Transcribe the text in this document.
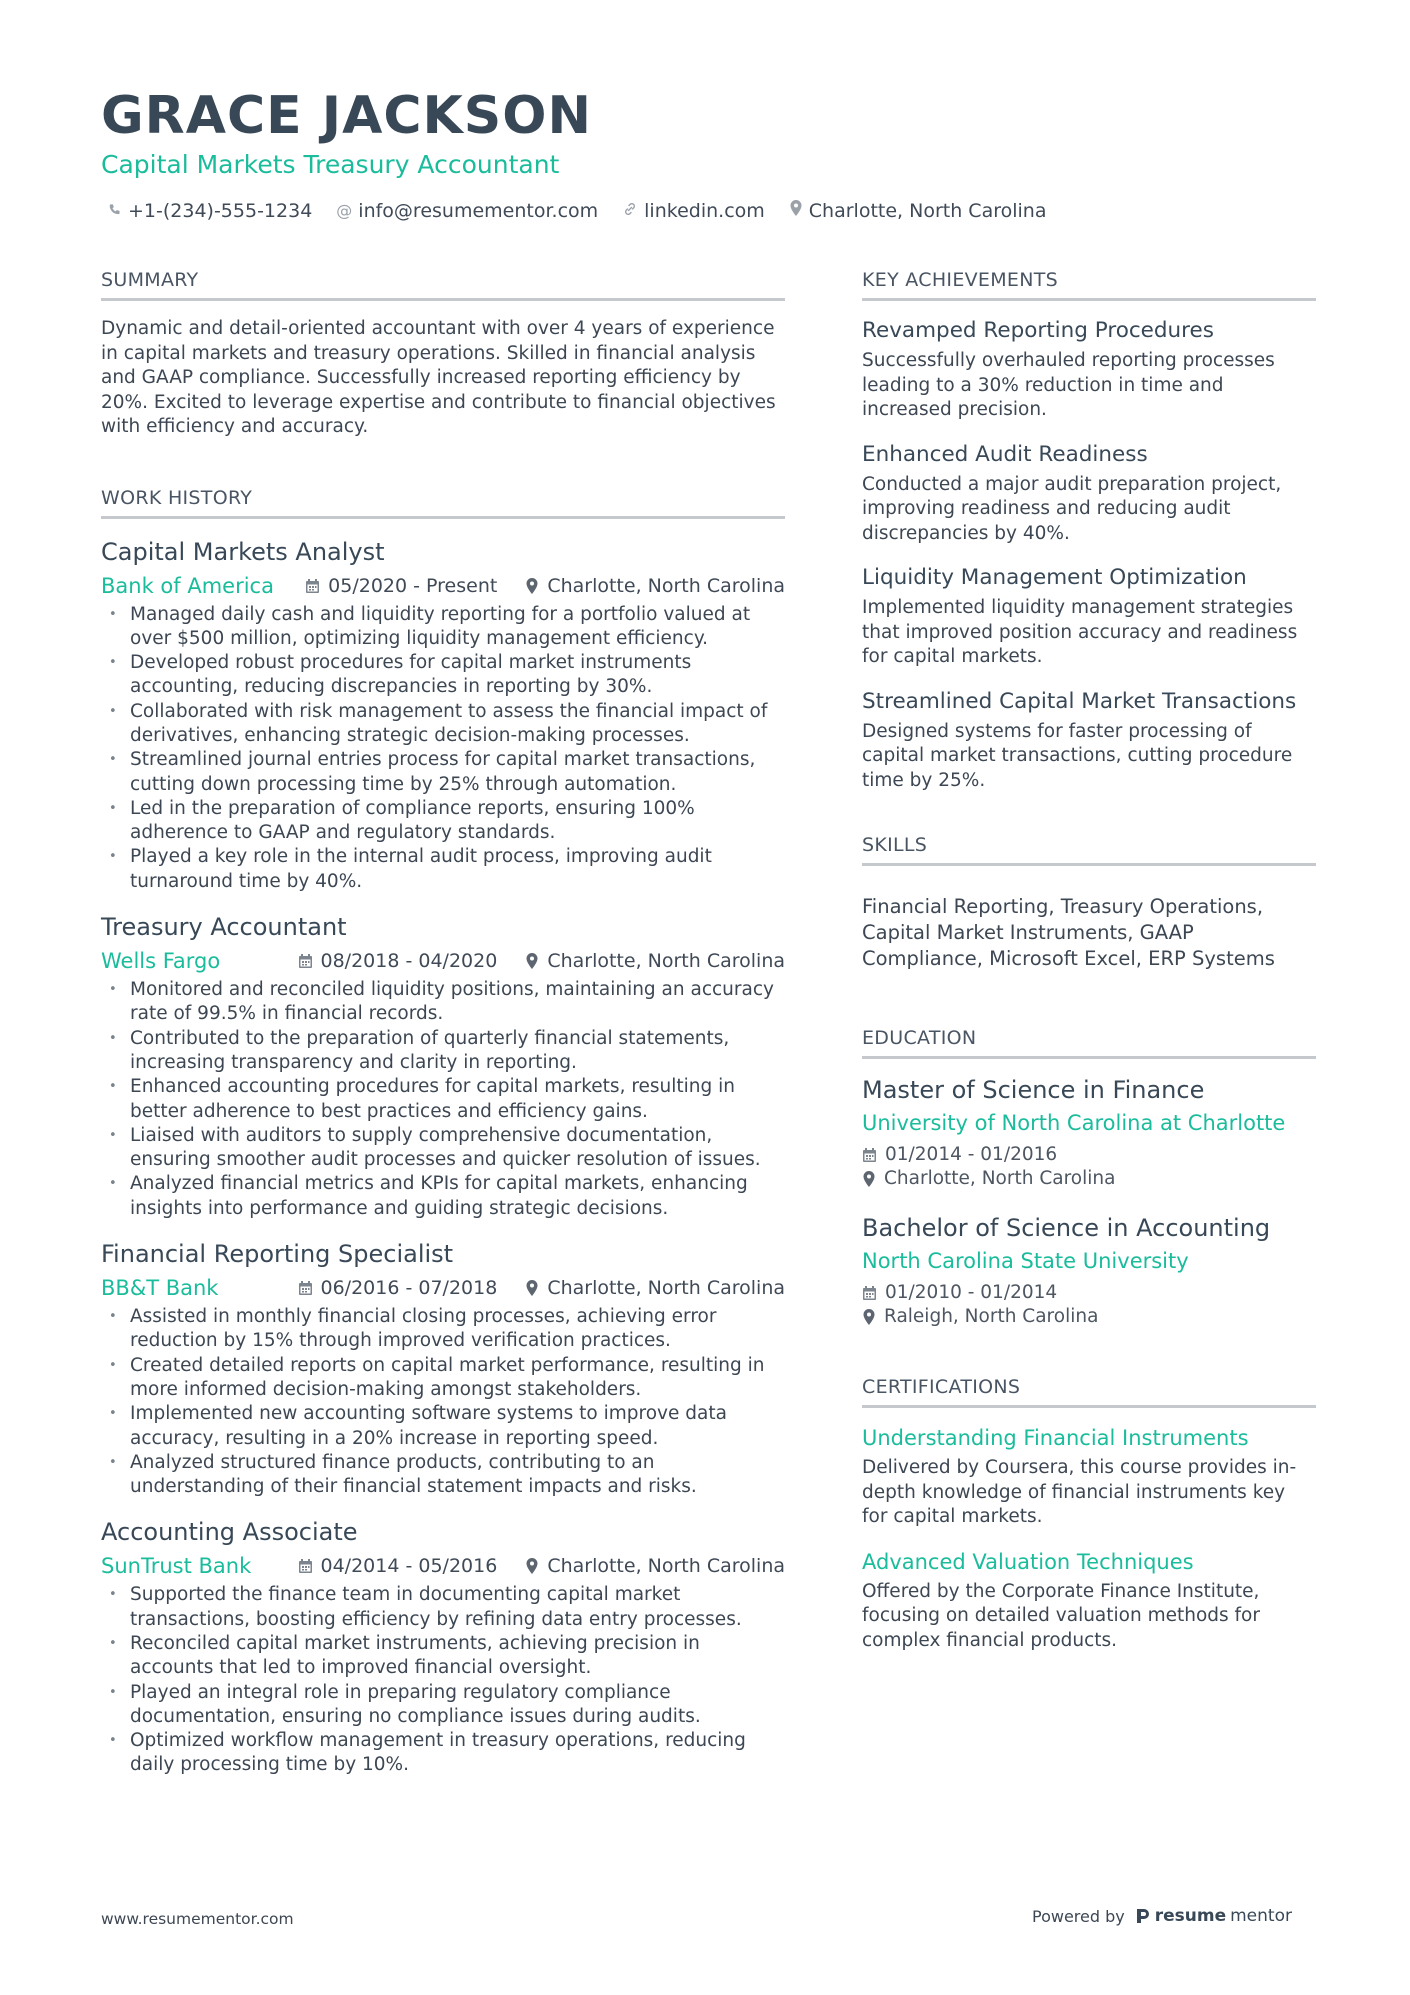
GRACE JACKSON
Capital Markets Treasury Accountant
+1-(234)-555-1234 @ info@resumementor.com linkedin.com Charlotte, North Carolina
SUMMARY
Dynamic and detail-oriented accountant with over 4 years of experience in capital markets and treasury operations. Skilled in financial analysis and GAAP compliance. Successfully increased reporting efficiency by 20%. Excited to leverage expertise and contribute to financial objectives with efficiency and accuracy.
WORK HISTORY
Capital Markets Analyst
Bank of America	05/2020 - Present	Charlotte, North Carolina
• Managed daily cash and liquidity reporting for a portfolio valued at over $500 million, optimizing liquidity management efficiency.
• Developed robust procedures for capital market instruments accounting, reducing discrepancies in reporting by 30%.
• Collaborated with risk management to assess the financial impact of derivatives, enhancing strategic decision-making processes.
• Streamlined journal entries process for capital market transactions, cutting down processing time by 25% through automation.
• Led in the preparation of compliance reports, ensuring 100% adherence to GAAP and regulatory standards.
• Played a key role in the internal audit process, improving audit turnaround time by 40%.
Treasury Accountant
Wells Fargo	08/2018 - 04/2020	Charlotte, North Carolina
• Monitored and reconciled liquidity positions, maintaining an accuracy rate of 99.5% in financial records.
• Contributed to the preparation of quarterly financial statements, increasing transparency and clarity in reporting.
• Enhanced accounting procedures for capital markets, resulting in better adherence to best practices and efficiency gains.
• Liaised with auditors to supply comprehensive documentation, ensuring smoother audit processes and quicker resolution of issues.
• Analyzed financial metrics and KPIs for capital markets, enhancing insights into performance and guiding strategic decisions.
Financial Reporting Specialist
BB&T Bank	06/2016 - 07/2018	Charlotte, North Carolina
• Assisted in monthly financial closing processes, achieving error reduction by 15% through improved verification practices.
• Created detailed reports on capital market performance, resulting in more informed decision-making amongst stakeholders.
• Implemented new accounting software systems to improve data accuracy, resulting in a 20% increase in reporting speed.
• Analyzed structured finance products, contributing to an understanding of their financial statement impacts and risks.
Accounting Associate
SunTrust Bank	04/2014 - 05/2016	Charlotte, North Carolina
• Supported the finance team in documenting capital market transactions, boosting efficiency by refining data entry processes.
• Reconciled capital market instruments, achieving precision in accounts that led to improved financial oversight.
• Played an integral role in preparing regulatory compliance documentation, ensuring no compliance issues during audits.
• Optimized workflow management in treasury operations, reducing daily processing time by 10%.
KEY ACHIEVEMENTS
Revamped Reporting Procedures
Successfully overhauled reporting processes leading to a 30% reduction in time and increased precision.
Enhanced Audit Readiness
Conducted a major audit preparation project, improving readiness and reducing audit discrepancies by 40%.
Liquidity Management Optimization
Implemented liquidity management strategies that improved position accuracy and readiness for capital markets.
Streamlined Capital Market Transactions
Designed systems for faster processing of capital market transactions, cutting procedure time by 25%.
SKILLS
Financial Reporting, Treasury Operations, Capital Market Instruments, GAAP Compliance, Microsoft Excel, ERP Systems
EDUCATION
Master of Science in Finance
University of North Carolina at Charlotte
01/2014 - 01/2016
Charlotte, North Carolina
Bachelor of Science in Accounting
North Carolina State University
01/2010 - 01/2014
Raleigh, North Carolina
CERTIFICATIONS
Understanding Financial Instruments
Delivered by Coursera, this course provides in-depth knowledge of financial instruments key for capital markets.
Advanced Valuation Techniques
Offered by the Corporate Finance Institute, focusing on detailed valuation methods for complex financial products.
www.resumementor.com	Powered by resume mentor
